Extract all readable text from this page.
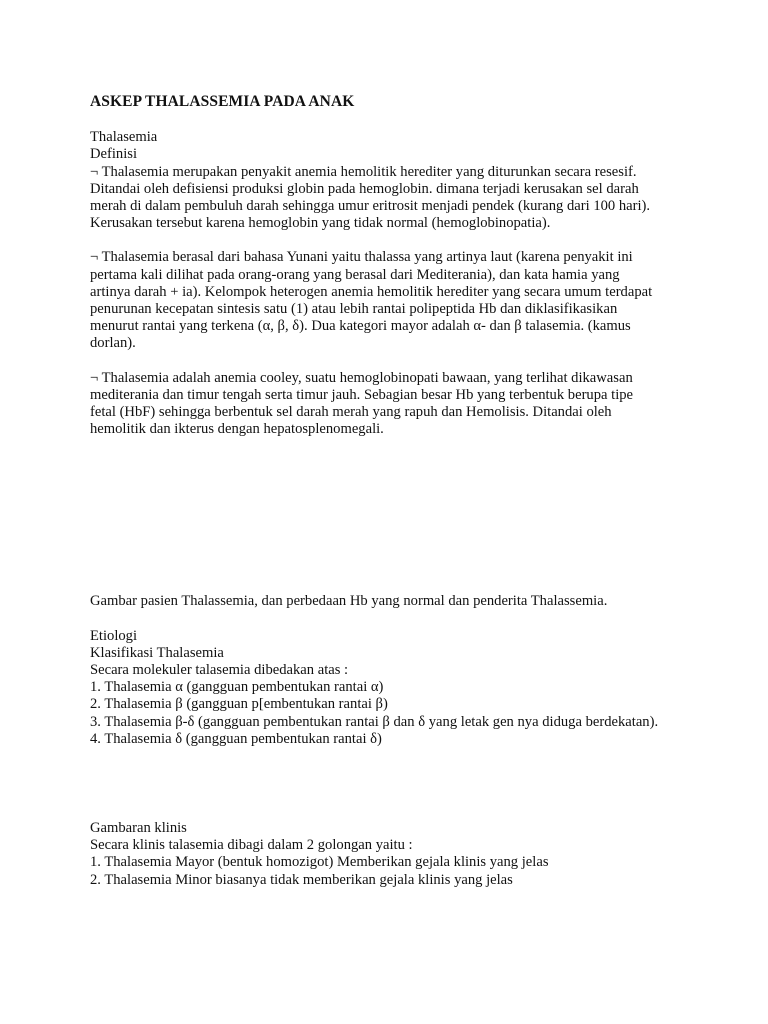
ASKEP THALASSEMIA PADA ANAK

Thalasemia

Definisi

¬ Thalasemia merupakan penyakit anemia hemolitik herediter yang diturunkan secara resesif.
Ditandai oleh defisiensi produksi globin pada hemoglobin. dimana terjadi kerusakan sel darah
merah di dalam pembuluh darah sehingga umur eritrosit menjadi pendek (kurang dari 100 hari).
Kerusakan tersebut karena hemoglobin yang tidak normal (hemoglobinopatia).
¬ Thalasemia berasal dari bahasa Yunani yaitu thalassa yang artinya laut (karena penyakit ini
pertama kali dilihat pada orang-orang yang berasal dari Mediterania), dan kata hamia yang
artinya darah + ia). Kelompok heterogen anemia hemolitik herediter yang secara umum terdapat
penurunan kecepatan sintesis satu (1) atau lebih rantai polipeptida Hb dan diklasifikasikan
menurut rantai yang terkena (α, β, δ). Dua kategori mayor adalah α- dan β talasemia. (kamus
dorlan).
¬ Thalasemia adalah anemia cooley, suatu hemoglobinopati bawaan, yang terlihat dikawasan
mediterania dan timur tengah serta timur jauh. Sebagian besar Hb yang terbentuk berupa tipe
fetal (HbF) sehingga berbentuk sel darah merah yang rapuh dan Hemolisis. Ditandai oleh
hemolitik dan ikterus dengan hepatosplenomegali.
Gambar pasien Thalassemia, dan perbedaan Hb yang normal dan penderita Thalassemia.

Etiologi

Klasifikasi Thalasemia

Secara molekuler talasemia dibedakan atas :

1. Thalasemia α (gangguan pembentukan rantai α)

2. Thalasemia β (gangguan p[embentukan rantai β)

3. Thalasemia β-δ (gangguan pembentukan rantai β dan δ yang letak gen nya diduga berdekatan).

4. Thalasemia δ (gangguan pembentukan rantai δ)

Gambaran klinis

Secara klinis talasemia dibagi dalam 2 golongan yaitu :

1. Thalasemia Mayor (bentuk homozigot) Memberikan gejala klinis yang jelas

2. Thalasemia Minor biasanya tidak memberikan gejala klinis yang jelas
